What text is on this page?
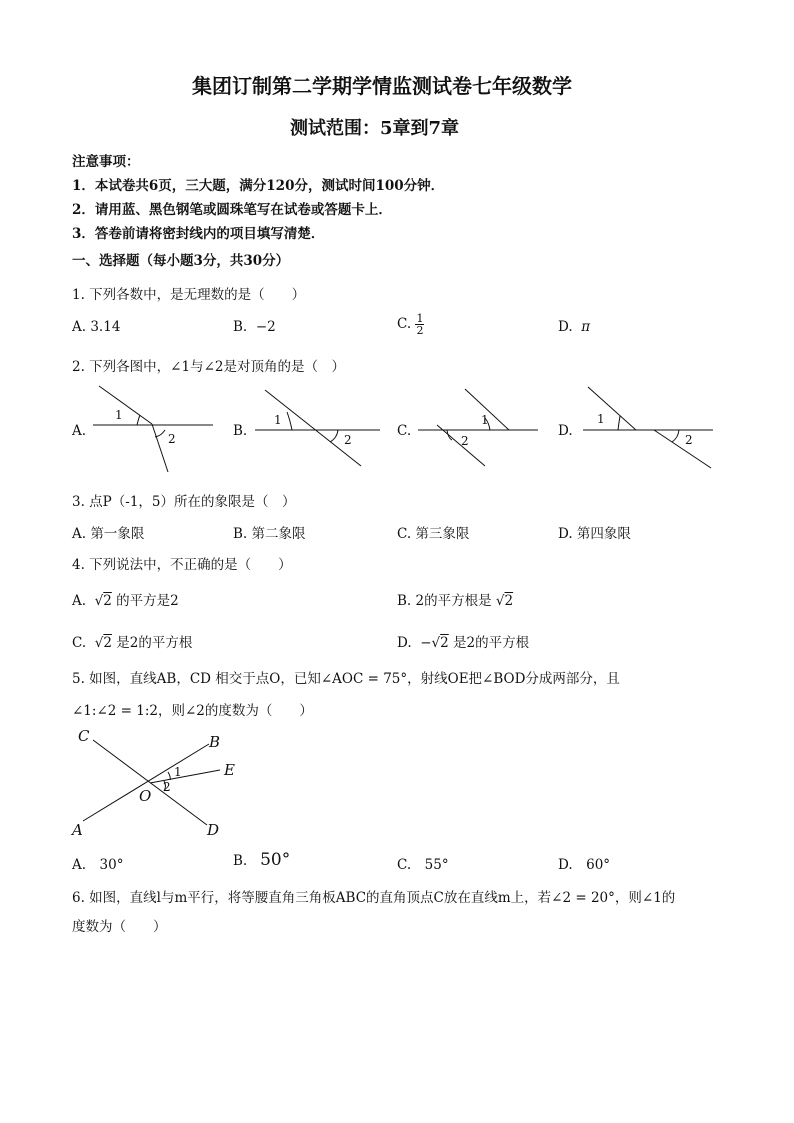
集团订制第二学期学情监测试卷七年级数学
测试范围：5章到7章
注意事项：
1．本试卷共6页，三大题，满分120分，测试时间100分钟．
2．请用蓝、黑色钢笔或圆珠笔写在试卷或答题卡上．
3．答卷前请将密封线内的项目填写清楚．
一、选择题（每小题3分，共30分）
1. 下列各数中，是无理数的是（　　）
A. 3.14	B. −2	C. $\frac{1}{2}$	D. π
2. 下列各图中，∠1与∠2是对顶角的是（　）
A.	B.	C.	D.
1
2
1
2
1
2
1
2
3. 点P（-1，5）所在的象限是（　）
A. 第一象限	B. 第二象限	C. 第三象限	D. 第四象限
4. 下列说法中，不正确的是（　　）
A. √2 的平方是2	B. 2的平方根是 √2
C. √2 是2的平方根	D. −√2 是2的平方根
5. 如图，直线AB，CD 相交于点O，已知∠AOC = 75°，射线OE把∠BOD分成两部分，且
∠1:∠2 = 1:2，则∠2的度数为（　　）
C	B
E
O
A	D
1
2
A.　30°	B. 50°	C.　55°	D.　60°
6. 如图，直线l与m平行，将等腰直角三角板ABC的直角顶点C放在直线m上，若∠2 = 20°，则∠1的
度数为（　　）
